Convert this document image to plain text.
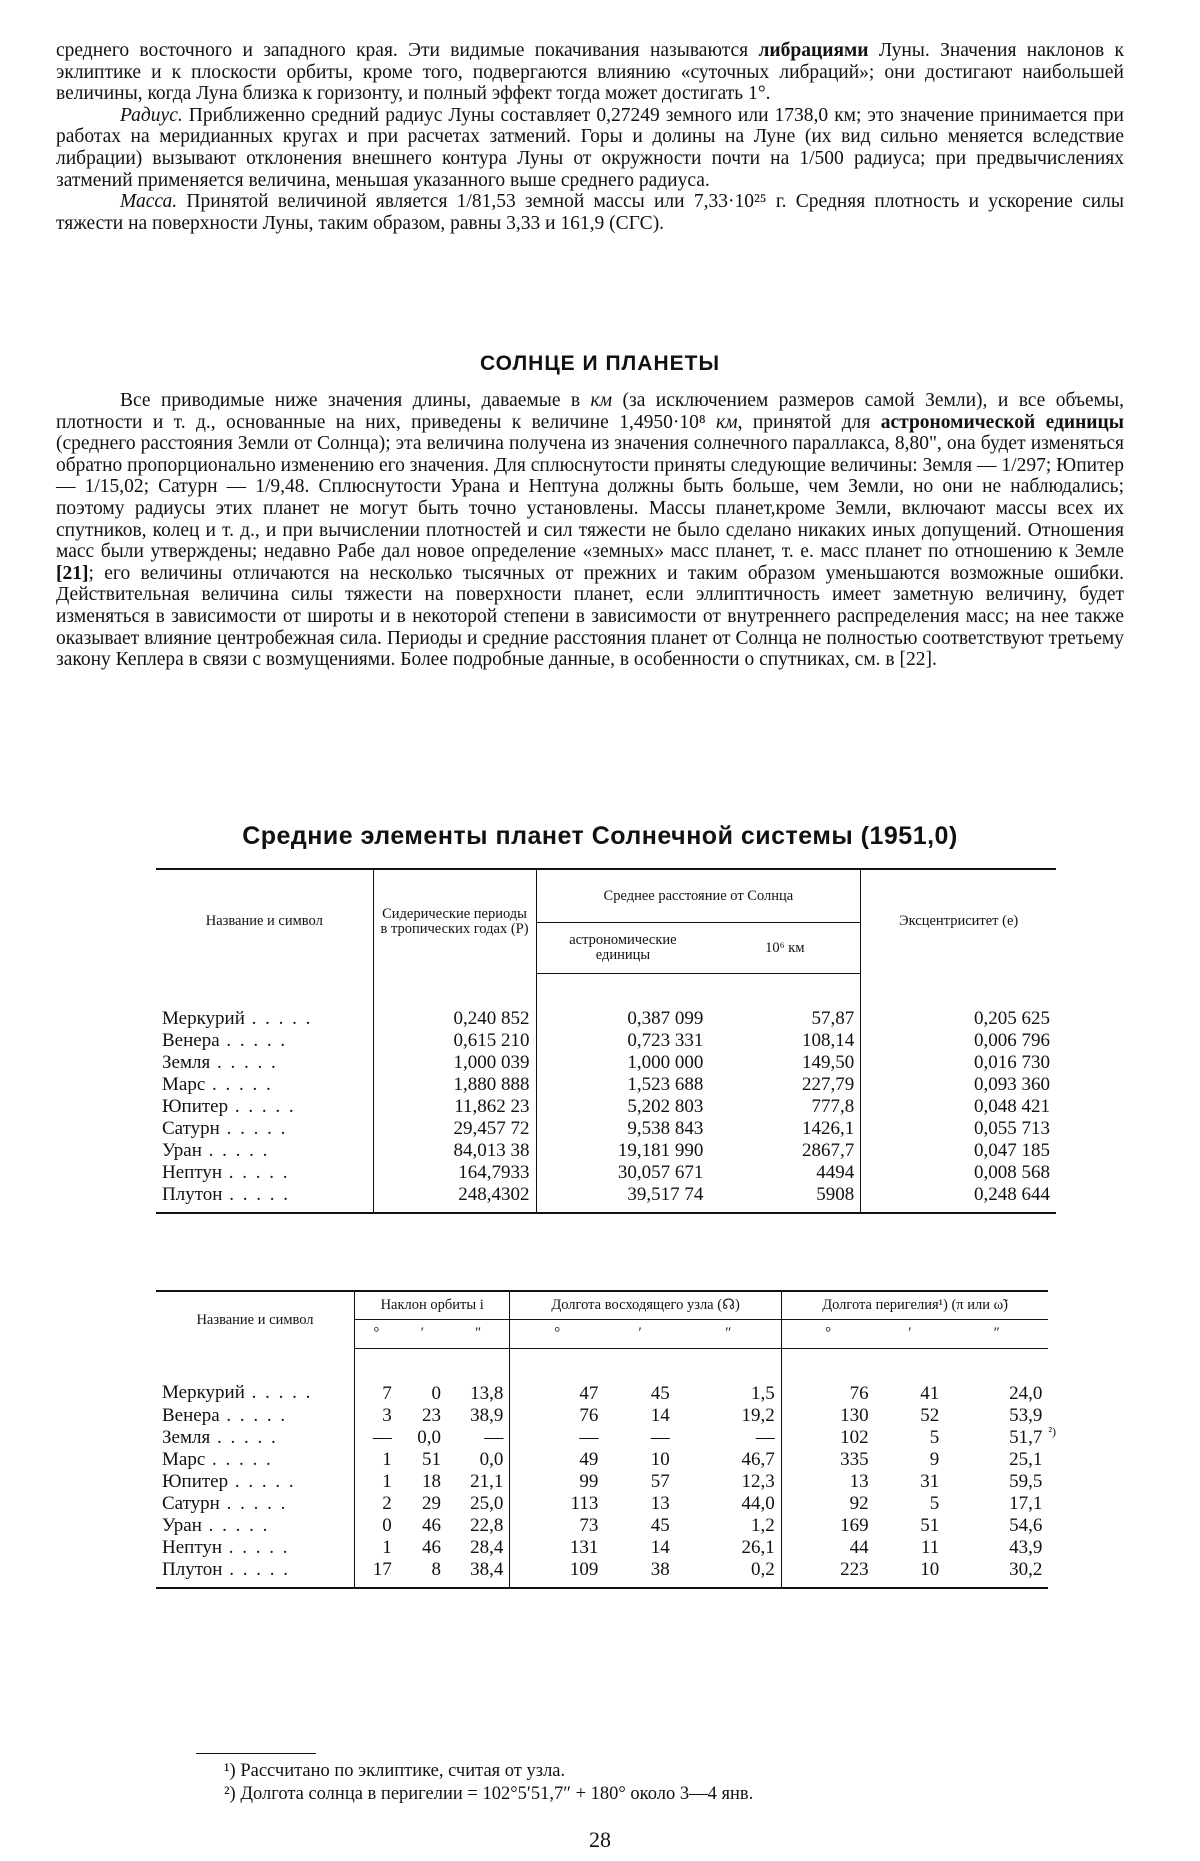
среднего восточного и западного края. Эти видимые покачивания называются либрациями Луны. Значения наклонов к эклиптике и к плоскости орбиты, кроме того, подвергаются влиянию «суточных либраций»; они достигают наибольшей величины, когда Луна близка к горизонту, и полный эффект тогда может достигать 1°.

Радиус. Приближенно средний радиус Луны составляет 0,27249 земного или 1738,0 км; это значение принимается при работах на меридианных кругах и при расчетах затмений. Горы и долины на Луне (их вид сильно меняется вследствие либрации) вызывают отклонения внешнего контура Луны от окружности почти на 1/500 радиуса; при предвычислениях затмений применяется величина, меньшая указанного выше среднего радиуса.

Масса. Принятой величиной является 1/81,53 земной массы или 7,33·10²⁵ г. Средняя плотность и ускорение силы тяжести на поверхности Луны, таким образом, равны 3,33 и 161,9 (СГС).

СОЛНЦЕ И ПЛАНЕТЫ

Все приводимые ниже значения длины, даваемые в км (за исключением размеров самой Земли), и все объемы, плотности и т. д., основанные на них, приведены к величине 1,4950·10⁸ км, принятой для астрономической единицы (среднего расстояния Земли от Солнца); эта величина получена из значения солнечного параллакса, 8,80", она будет изменяться обратно пропорционально изменению его значения. Для сплюснутости приняты следующие величины: Земля — 1/297; Юпитер — 1/15,02; Сатурн — 1/9,48. Сплюснутости Урана и Нептуна должны быть больше, чем Земли, но они не наблюдались; поэтому радиусы этих планет не могут быть точно установлены. Массы планет,кроме Земли, включают массы всех их спутников, колец и т. д., и при вычислении плотностей и сил тяжести не было сделано никаких иных допущений. Отношения масс были утверждены; недавно Рабе дал новое определение «земных» масс планет, т. е. масс планет по отношению к Земле [21]; его величины отличаются на несколько тысячных от прежних и таким образом уменьшаются возможные ошибки. Действительная величина силы тяжести на поверхности планет, если эллиптичность имеет заметную величину, будет изменяться в зависимости от широты и в некоторой степени в зависимости от внутреннего распределения масс; на нее также оказывает влияние центробежная сила. Периоды и средние расстояния планет от Солнца не полностью соответствуют третьему закону Кеплера в связи с возмущениями. Более подробные данные, в особенности о спутниках, см. в [22].

Средние элементы планет Солнечной системы (1951,0)
Название и символ	Сидерические периоды в тропических годах (P)	Среднее расстояние от Солнца		Эксцентриситет (e)
		астрономические единицы	10⁶ км	
Меркурий . . .	0,240 852	0,387 099	57,87	0,205 625
Венера . . .	0,615 210	0,723 331	108,14	0,006 796
Земля . . .	1,000 039	1,000 000	149,50	0,016 730
Марс . . .	1,880 888	1,523 688	227,79	0,093 360
Юпитер . . .	11,862 23	5,202 803	777,8	0,048 421
Сатурн . . .	29,457 72	9,538 843	1426,1	0,055 713
Уран . . .	84,013 38	19,181 990	2867,7	0,047 185
Нептун . . .	164,7933	30,057 671	4494	0,008 568
Плутон . . .	248,4302	39,517 74	5908	0,248 644
Название и символ	Наклон орбиты i			Долгота восходящего узла (☊)			Долгота перигелия¹) (π или ω̃)			
	°	′	″	°	′	″	°	′	″	
Меркурий . . .	7	0	13,8	47	45	1,5	76	41	24,0	
Венера . . .	3	23	38,9	76	14	19,2	130	52	53,9	
Земля . . .	—	0,0	—	—	—	—	102	5	51,7	$^{^2)}$
Марс . . .	1	51	0,0	49	10	46,7	335	9	25,1	
Юпитер . . .	1	18	21,1	99	57	12,3	13	31	59,5	
Сатурн . . .	2	29	25,0	113	13	44,0	92	5	17,1	
Уран . . .	0	46	22,8	73	45	1,2	169	51	54,6	
Нептун . . .	1	46	28,4	131	14	26,1	44	11	43,9	
Плутон . . .	17	8	38,4	109	38	0,2	223	10	30,2	
¹) Рассчитано по эклиптике, считая от узла.
²) Долгота солнца в перигелии = 102°5′51,7″ + 180° около 3—4 янв.
28
